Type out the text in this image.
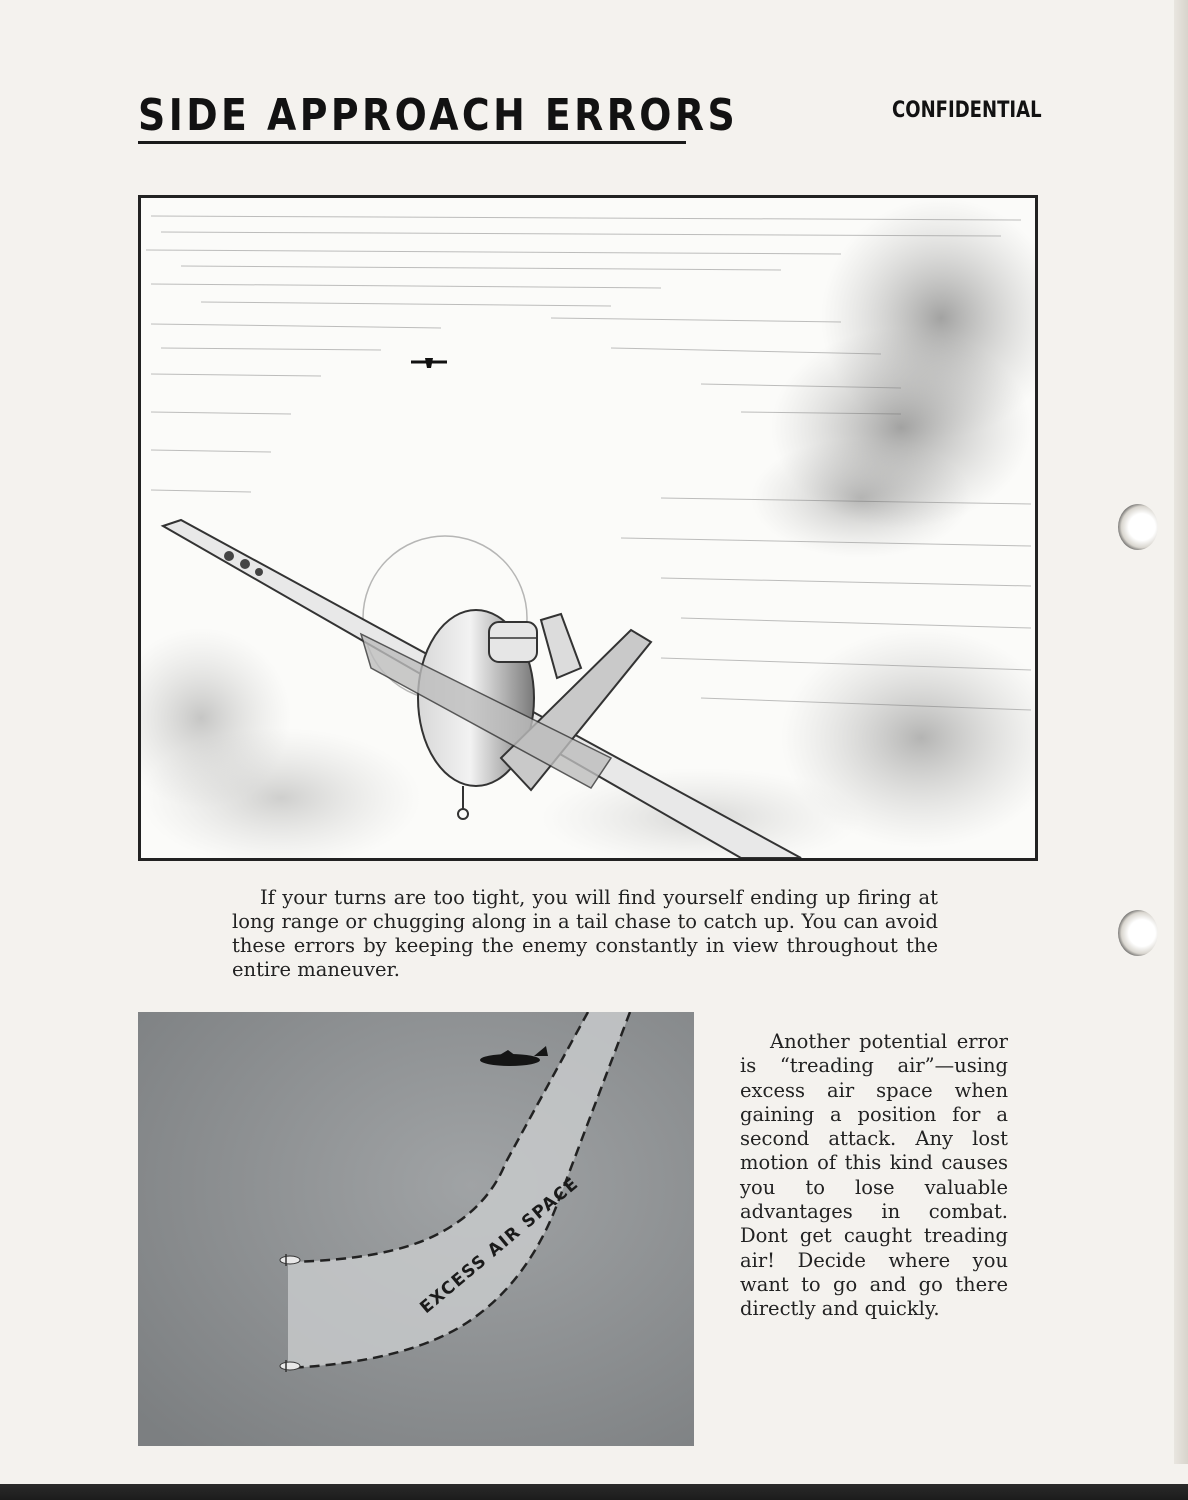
SIDE APPROACH ERRORS	CONFIDENTIAL

If your turns are too tight, you will find yourself ending up firing at long range or chugging along in a tail chase to catch up. You can avoid these errors by keeping the enemy constantly in view throughout the entire maneuver.

EXCESS AIR SPACE

Another potential error is “treading air”—using excess air space when gaining a position for a second attack. Any lost motion of this kind causes you to lose valuable advantages in combat. Dont get caught treading air! Decide where you want to go and go there directly and quickly.
